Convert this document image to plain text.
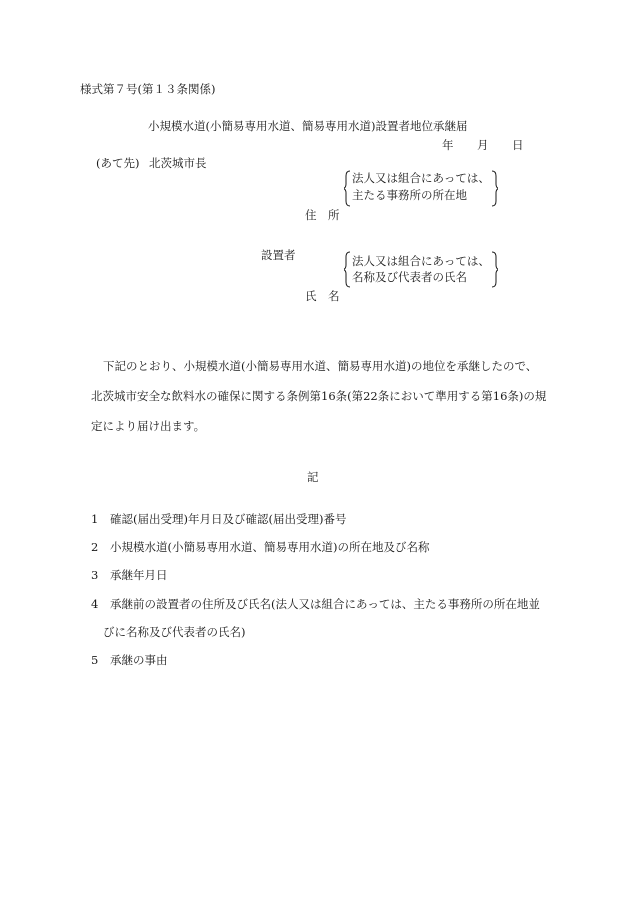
様式第７号(第１３条関係)
小規模水道(小簡易専用水道、簡易専用水道)設置者地位承継届
年 月 日
(あて先) 北茨城市長
法人又は組合にあっては、
主たる事務所の所在地
住　所
設置者	法人又は組合にあっては、
名称及び代表者の氏名
氏　名
下記のとおり、小規模水道(小簡易専用水道、簡易専用水道)の地位を承継したので、
北茨城市安全な飲料水の確保に関する条例第16条(第22条において準用する第16条)の規
定により届け出ます。
記
1 確認(届出受理)年月日及び確認(届出受理)番号
2 小規模水道(小簡易専用水道、簡易専用水道)の所在地及び名称
3 承継年月日
4 承継前の設置者の住所及び氏名(法人又は組合にあっては、主たる事務所の所在地並
びに名称及び代表者の氏名)
5 承継の事由
